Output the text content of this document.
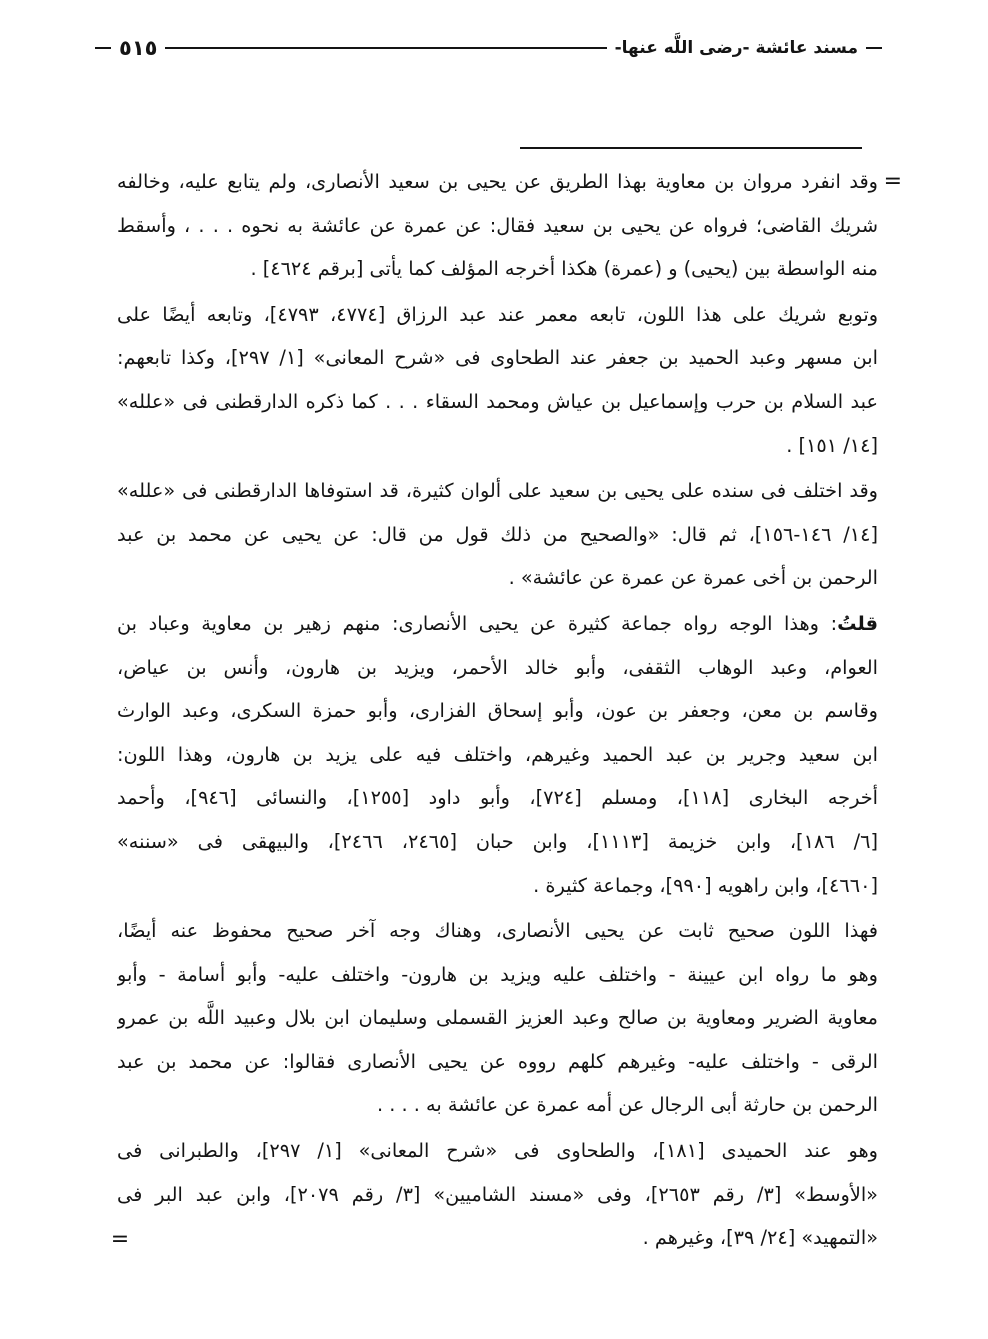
٥١٥	مسند عائشة -رضى اللَّه عنها-
=
وقد انفرد مروان بن معاوية بهذا الطريق عن يحيى بن سعيد الأنصارى، ولم يتابع عليه، وخالفه
شريك القاضى؛ فرواه عن يحيى بن سعيد فقال: عن عمرة عن عائشة به نحوه . . . ، وأسقط
منه الواسطة بين (يحيى) و (عمرة) هكذا أخرجه المؤلف كما يأتى [برقم ٤٦٢٤] .
وتوبع شريك على هذا اللون، تابعه معمر عند عبد الرزاق [٤٧٧٤، ٤٧٩٣]، وتابعه أيضًا على
ابن مسهر وعبد الحميد بن جعفر عند الطحاوى فى «شرح المعانى» [١/ ٢٩٧]، وكذا تابعهم:
عبد السلام بن حرب وإسماعيل بن عياش ومحمد السقاء . . . كما ذكره الدارقطنى فى «علله»
[١٤/ ١٥١] .
وقد اختلف فى سنده على يحيى بن سعيد على ألوان كثيرة، قد استوفاها الدارقطنى فى «علله»
[١٤/ ١٤٦-١٥٦]، ثم قال: «والصحيح من ذلك قول من قال: عن يحيى عن محمد بن عبد
الرحمن بن أخى عمرة عن عمرة عن عائشة» .
قلتُ: وهذا الوجه رواه جماعة كثيرة عن يحيى الأنصارى: منهم زهير بن معاوية وعباد بن
العوام، وعبد الوهاب الثقفى، وأبو خالد الأحمر، ويزيد بن هارون، وأنس بن عياض،
وقاسم بن معن، وجعفر بن عون، وأبو إسحاق الفزارى، وأبو حمزة السكرى، وعبد الوارث
ابن سعيد وجرير بن عبد الحميد وغيرهم، واختلف فيه على يزيد بن هارون، وهذا اللون:
أخرجه البخارى [١١٨]، ومسلم [٧٢٤]، وأبو داود [١٢٥٥]، والنسائى [٩٤٦]، وأحمد
[٦/ ١٨٦]، وابن خزيمة [١١١٣]، وابن حبان [٢٤٦٥، ٢٤٦٦]، والبيهقى فى «سننه»
[٤٦٦٠]، وابن راهويه [٩٩٠]، وجماعة كثيرة .
فهذا اللون صحيح ثابت عن يحيى الأنصارى، وهناك وجه آخر صحيح محفوظ عنه أيضًا،
وهو ما رواه ابن عيينة - واختلف عليه ويزيد بن هارون- واختلف عليه- وأبو أسامة - وأبو
معاوية الضرير ومعاوية بن صالح وعبد العزيز القسملى وسليمان ابن بلال وعبيد اللَّه بن عمرو
الرقى - واختلف عليه- وغيرهم كلهم رووه عن يحيى الأنصارى فقالوا: عن محمد بن عبد
الرحمن بن حارثة أبى الرجال عن أمه عمرة عن عائشة به . . . .
وهو عند الحميدى [١٨١]، والطحاوى فى «شرح المعانى» [١/ ٢٩٧]، والطبرانى فى
«الأوسط» [٣/ رقم ٢٦٥٣]، وفى «مسند الشاميين» [٣/ رقم ٢٠٧٩]، وابن عبد البر فى
«التمهيد» [٢٤/ ٣٩]، وغيرهم .
=
